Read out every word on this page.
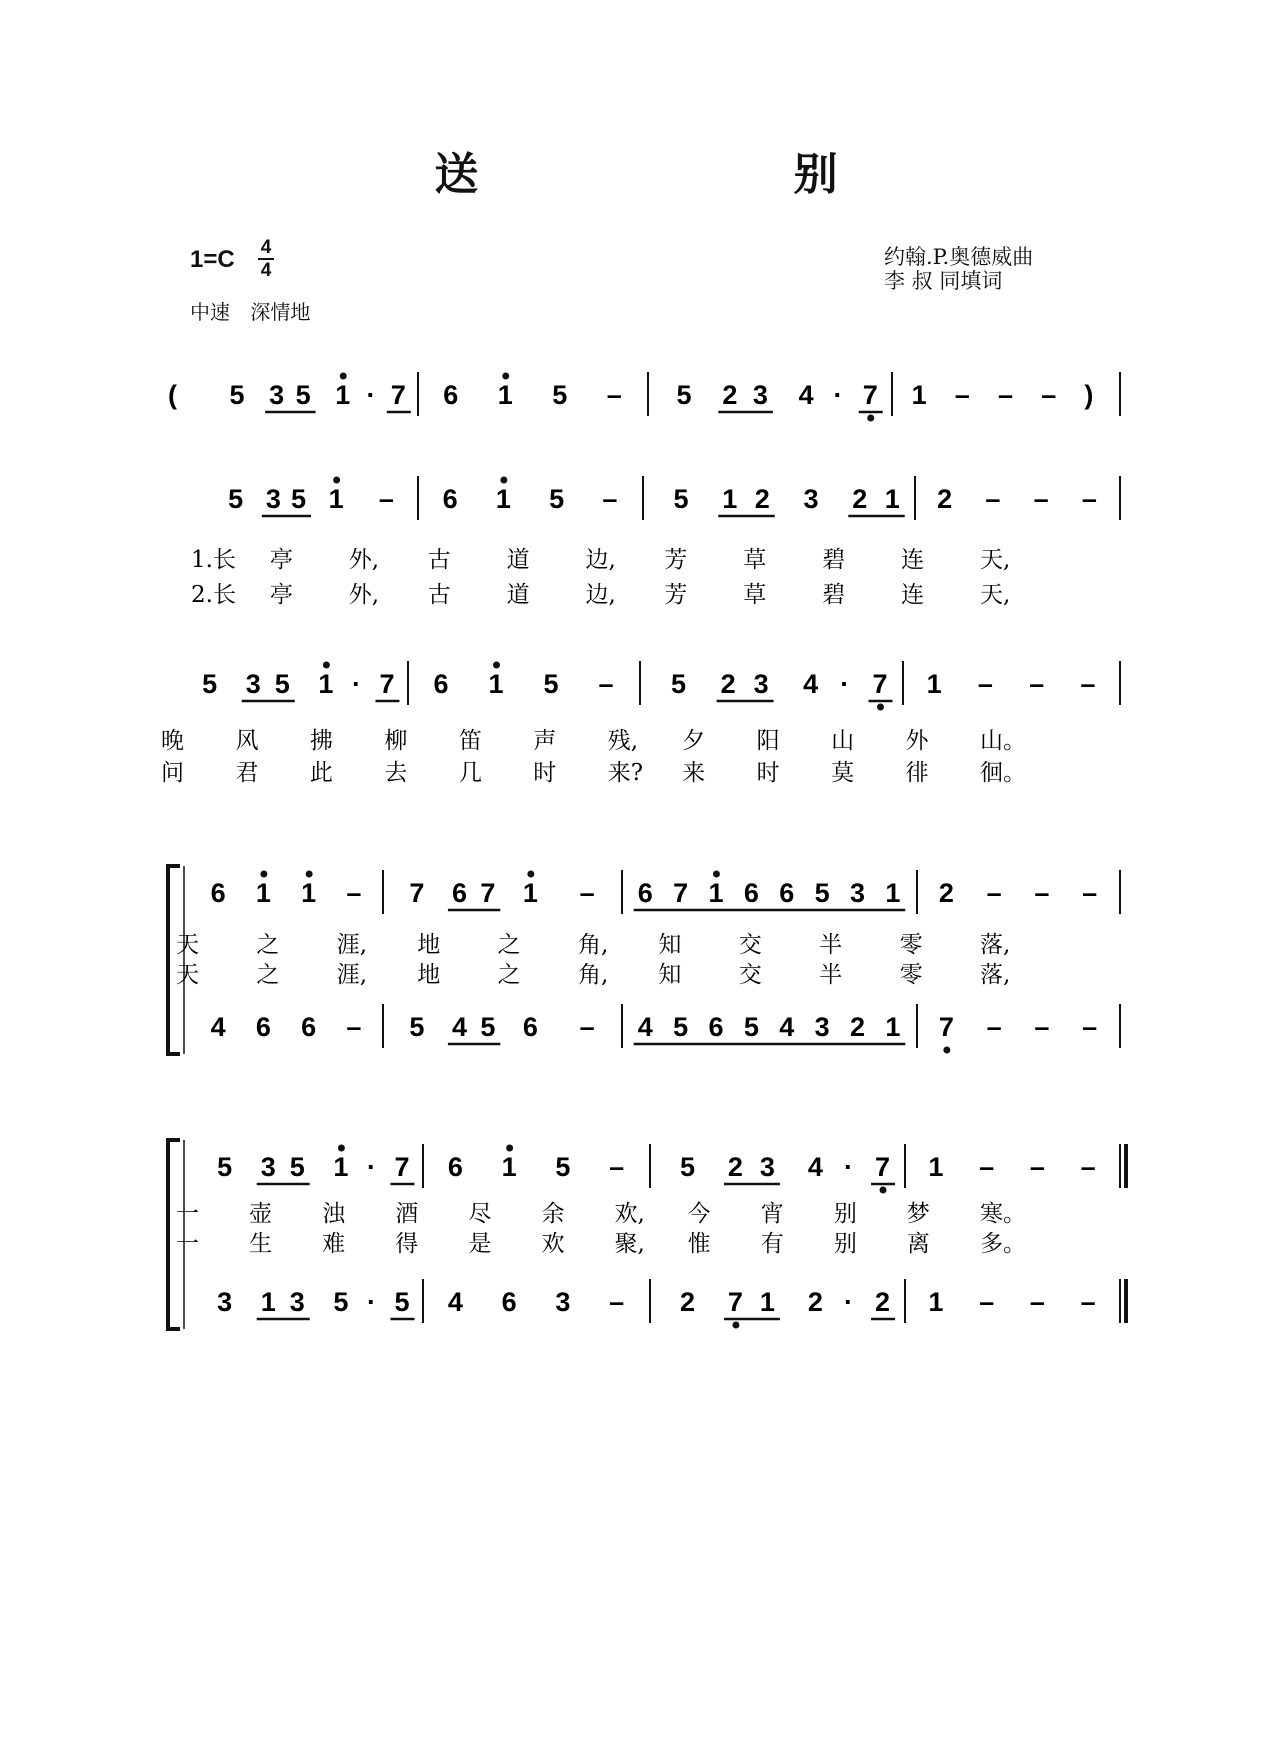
送 别
1=C 4
4
中速 深情地
约翰.P.奥德威曲
李 叔 同填词
( 5 3 5 1 · 7 6 1 5 – 5 2 3 4 · 7 1 – – – )
5 3 5 1 – 6 1 5 – 5 1 2 3 2 1 2 – – –
1.长 亭 外, 古 道 边, 芳 草 碧 连 天,
2.长 亭 外, 古 道 边, 芳 草 碧 连 天,
5 3 5 1 · 7 6 1 5 – 5 2 3 4 · 7 1 – – –
晚 风 拂 柳 笛 声 残, 夕 阳 山 外 山。
问 君 此 去 几 时 来? 来 时 莫 徘 徊。
6 1 1 – 7 6 7 1 – 6 7 1 6 6 5 3 1 2 – – –
4 6 6 – 5 4 5 6 – 4 5 6 5 4 3 2 1 7 – – –
天 之 涯, 地 之 角, 知 交 半 零 落,
天 之 涯, 地 之 角, 知 交 半 零 落,
5 3 5 1 · 7 6 1 5 – 5 2 3 4 · 7 1 – – –
3 1 3 5 · 5 4 6 3 – 2 7 1 2 · 2 1 – – –
一 壶 浊 酒 尽 余 欢, 今 宵 别 梦 寒。
一 生 难 得 是 欢 聚, 惟 有 别 离 多。
